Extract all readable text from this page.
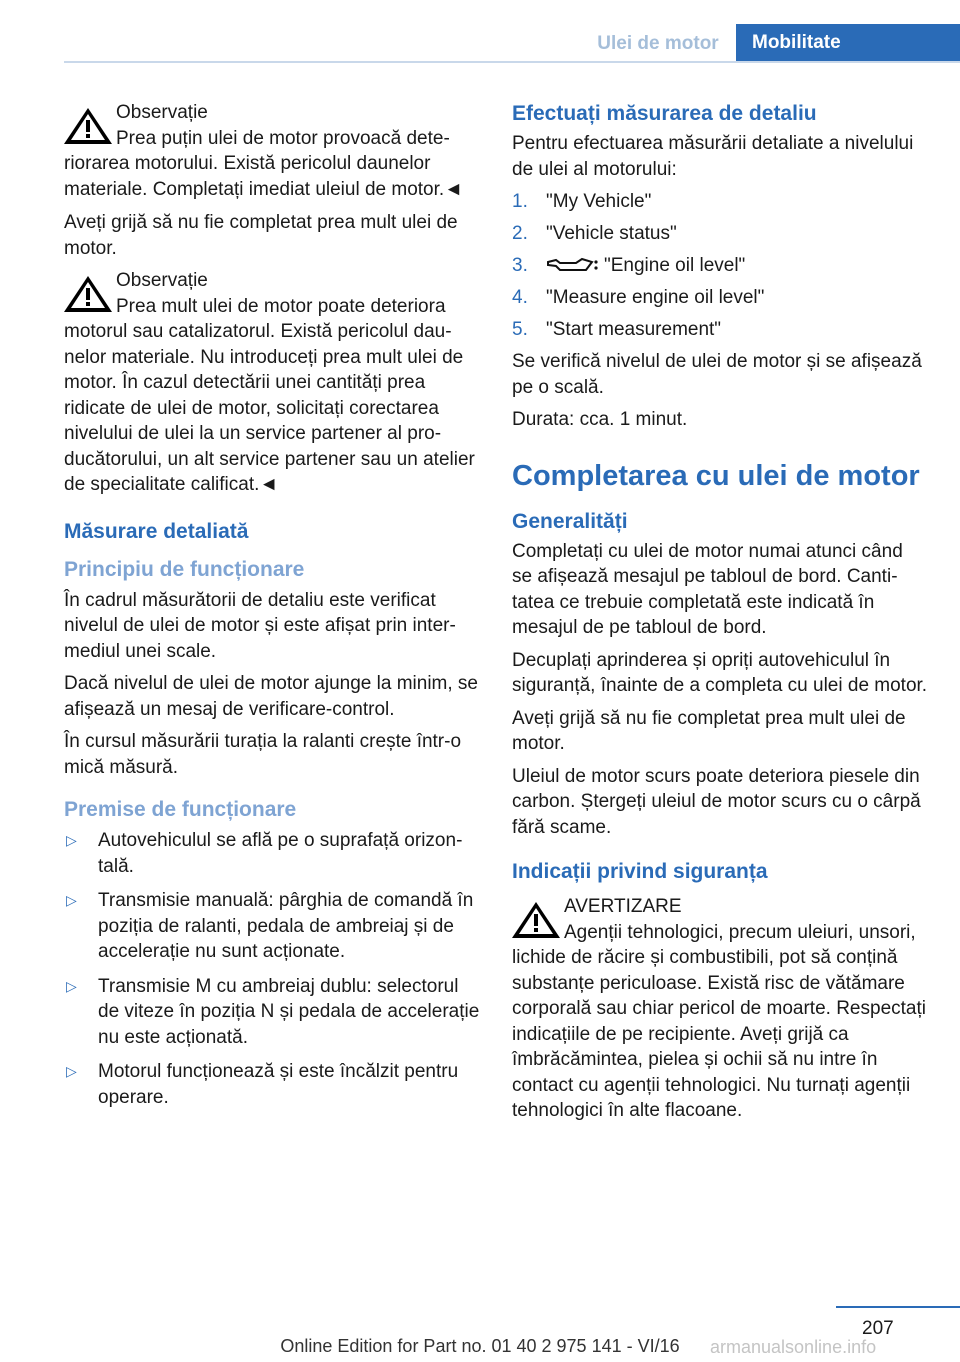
Ulei de motor	Mobilitate
Observație
Prea puțin ulei de motor provoacă deteriorarea motorului. Există pericolul daunelor materiale. Completați imediat uleiul de motor.◄

Aveți grijă să nu fie completat prea mult ulei de motor.

Observație
Prea mult ulei de motor poate deteriora motorul sau catalizatorul. Există pericolul daunelor materiale. Nu introduceți prea mult ulei de motor. În cazul detectării unei cantități prea ridicate de ulei de motor, solicitați corectarea nivelului de ulei la un service partener al producătorului, un alt service partener sau un atelier de specialitate calificat.◄
Măsurare detaliată
Principiu de funcționare

În cadrul măsurătorii de detaliu este verificat nivelul de ulei de motor și este afișat prin intermediul unei scale.

Dacă nivelul de ulei de motor ajunge la minim, se afișează un mesaj de verificare-control.

În cursul măsurării turația la ralanti crește într-o mică măsură.

Premise de funcționare
▷ Autovehiculul se află pe o suprafață orizontală.
▷ Transmisie manuală: pârghia de comandă în poziția de ralanti, pedala de ambreiaj și de accelerație nu sunt acționate.
▷ Transmisie M cu ambreiaj dublu: selectorul de viteze în poziția N și pedala de accelerație nu este acționată.
▷ Motorul funcționează și este încălzit pentru operare.
Efectuați măsurarea de detaliu

Pentru efectuarea măsurării detaliate a nivelului de ulei al motorului:

1. "My Vehicle"
2. "Vehicle status"
3.	"Engine oil level"
4. "Measure engine oil level"
5. "Start measurement"

Se verifică nivelul de ulei de motor și se afișează pe o scală.

Durata: cca. 1 minut.

Completarea cu ulei de motor
Generalități

Completați cu ulei de motor numai atunci când se afișează mesajul pe tabloul de bord. Cantitatea ce trebuie completată este indicată în mesajul de pe tabloul de bord.

Decuplați aprinderea și opriți autovehiculul în siguranță, înainte de a completa cu ulei de motor.

Aveți grijă să nu fie completat prea mult ulei de motor.

Uleiul de motor scurs poate deteriora piesele din carbon. Ștergeți uleiul de motor scurs cu o cârpă fără scame.

Indicații privind siguranța
AVERTIZARE
Agenții tehnologici, precum uleiuri, unsori, lichide de răcire și combustibili, pot să conțină substanțe periculoase. Există risc de vătămare corporală sau chiar pericol de moarte. Respectați indicațiile de pe recipiente. Aveți grijă ca îmbrăcămintea, pielea și ochii să nu intre în contact cu agenții tehnologici. Nu turnați agenții tehnologici în alte flacoane.
207
Online Edition for Part no. 01 40 2 975 141 - VI/16	armanualsonline.info
